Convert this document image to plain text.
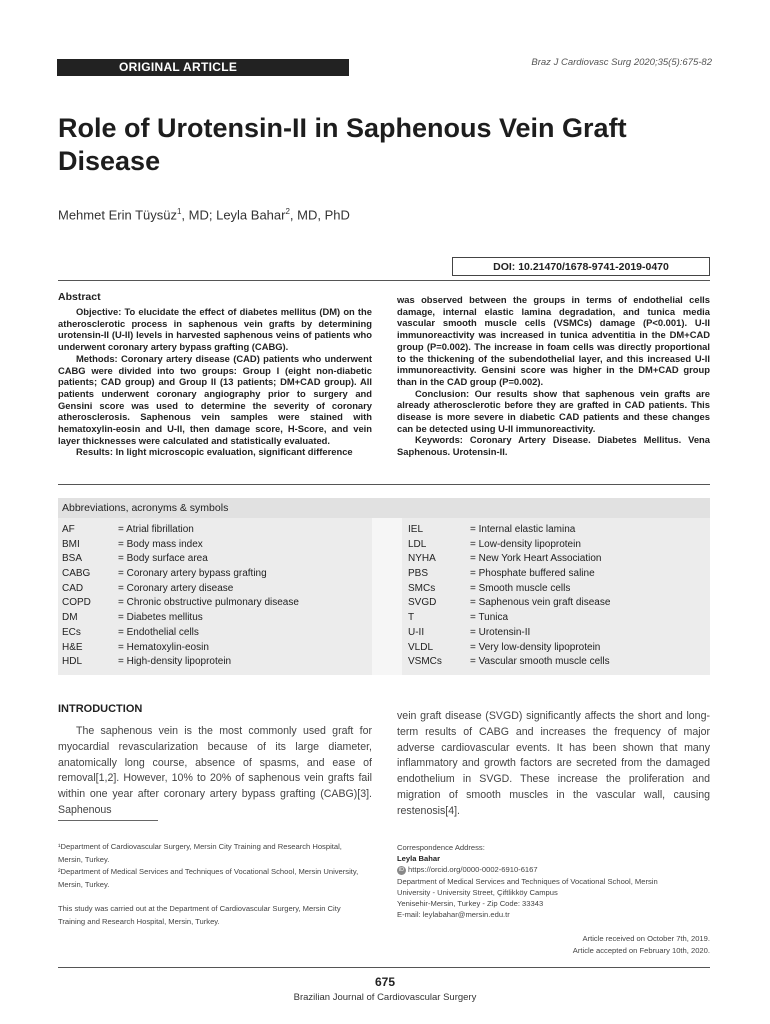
ORIGINAL ARTICLE	Braz J Cardiovasc Surg 2020;35(5):675-82
Role of Urotensin-II in Saphenous Vein Graft
Disease
Mehmet Erin Tüysüz$^1$, MD; Leyla Bahar$^2$, MD, PhD
DOI: 10.21470/1678-9741-2019-0470
Abstract

Objective: To elucidate the effect of diabetes mellitus (DM) on the atherosclerotic process in saphenous vein grafts by determining urotensin-II (U-II) levels in harvested saphenous veins of patients who underwent coronary artery bypass grafting (CABG).

Methods: Coronary artery disease (CAD) patients who underwent CABG were divided into two groups: Group I (eight non-diabetic patients; CAD group) and Group II (13 patients; DM+CAD group). All patients underwent coronary angiography prior to surgery and Gensini score was used to determine the severity of coronary atherosclerosis. Saphenous vein samples were stained with hematoxylin-eosin and U-II, then damage score, H-Score, and vein layer thicknesses were calculated and statistically evaluated.

Results: In light microscopic evaluation, significant difference

was observed between the groups in terms of endothelial cells damage, internal elastic lamina degradation, and tunica media vascular smooth muscle cells (VSMCs) damage (P<0.001). U-II immunoreactivity was increased in tunica adventitia in the DM+CAD group (P=0.002). The increase in foam cells was directly proportional to the thickening of the subendothelial layer, and this increased U-II immunoreactivity. Gensini score was higher in the DM+CAD group than in the CAD group (P=0.002).

Conclusion: Our results show that saphenous vein grafts are already atherosclerotic before they are grafted in CAD patients. This disease is more severe in diabetic CAD patients and these changes can be detected using U-II immunoreactivity.

Keywords: Coronary Artery Disease. Diabetes Mellitus. Vena Saphenous. Urotensin-II.

Abbreviations, acronyms & symbols
AF	= Atrial fibrillation
BMI	= Body mass index
BSA	= Body surface area
CABG	= Coronary artery bypass grafting
CAD	= Coronary artery disease
COPD	= Chronic obstructive pulmonary disease
DM	= Diabetes mellitus
ECs	= Endothelial cells
H&E	= Hematoxylin-eosin
HDL	= High-density lipoprotein
IEL	= Internal elastic lamina
LDL	= Low-density lipoprotein
NYHA	= New York Heart Association
PBS	= Phosphate buffered saline
SMCs	= Smooth muscle cells
SVGD	= Saphenous vein graft disease
T	= Tunica
U-II	= Urotensin-II
VLDL	= Very low-density lipoprotein
VSMCs	= Vascular smooth muscle cells
INTRODUCTION

The saphenous vein is the most commonly used graft for myocardial revascularization because of its large diameter, anatomically long course, absence of spasms, and ease of removal[1,2]. However, 10% to 20% of saphenous vein grafts fail within one year after coronary artery bypass grafting (CABG)[3]. Saphenous

vein graft disease (SVGD) significantly affects the short and long-term results of CABG and increases the frequency of major adverse cardiovascular events. It has been shown that many inflammatory and growth factors are secreted from the damaged endothelium in SVGD. These increase the proliferation and migration of smooth muscles in the vascular wall, causing restenosis[4].

¹Department of Cardiovascular Surgery, Mersin City Training and Research Hospital, Mersin, Turkey.

²Department of Medical Services and Techniques of Vocational School, Mersin University, Mersin, Turkey.

This study was carried out at the Department of Cardiovascular Surgery, Mersin City Training and Research Hospital, Mersin, Turkey.

Correspondence Address:
Leyla Bahar
iD https://orcid.org/0000-0002-6910-6167
Department of Medical Services and Techniques of Vocational School, Mersin
University - University Street, Çiftlikköy Campus
Yenisehir-Mersin, Turkey - Zip Code: 33343
E-mail: leylabahar@mersin.edu.tr
Article received on October 7th, 2019.
Article accepted on February 10th, 2020.
675
Brazilian Journal of Cardiovascular Surgery
